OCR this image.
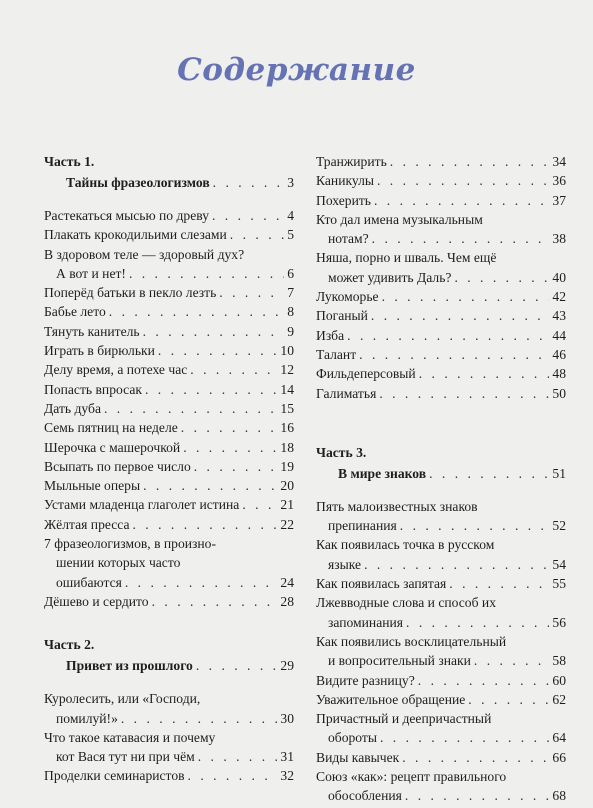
Содержание
Часть 1.
Тайны фразеологизмов . . .	3
Растекаться мысью по древу . . .	4
Плакать крокодильими слезами . . .	5
В здоровом теле — здоровый дух?
А вот и нет! . . .	6
Поперёд батьки в пекло лезть . . .	7
Бабье лето . . .	8
Тянуть канитель . . .	9
Играть в бирюльки . . .	10
Делу время, а потехе час . . .	12
Попасть впросак . . .	14
Дать дуба . . .	15
Семь пятниц на неделе . . .	16
Шерочка с машерочкой . . .	18
Всыпать по первое число . . .	19
Мыльные оперы . . .	20
Устами младенца глаголет истина . . .	21
Жёлтая пресса . . .	22
7 фразеологизмов, в произно-
шении которых часто
ошибаются . . .	24
Дёшево и сердито . . .	28
Часть 2.
Привет из прошлого . . .	29
Куролесить, или «Господи,
помилуй!» . . .	30
Что такое катавасия и почему
кот Вася тут ни при чём . . .	31
Проделки семинаристов . . .	32
Транжирить . . .	34
Каникулы . . .	36
Похерить . . .	37
Кто дал имена музыкальным
нотам? . . .	38
Няша, порно и шваль. Чем ещё
может удивить Даль? . . .	40
Лукоморье . . .	42
Поганый . . .	43
Изба . . .	44
Талант . . .	46
Фильдеперсовый . . .	48
Галиматья . . .	50
Часть 3.
В мире знаков . . .	51
Пять малоизвестных знаков
препинания . . .	52
Как появилась точка в русском
языке . . .	54
Как появилась запятая . . .	55
Лжевводные слова и способ их
запоминания . . .	56
Как появились восклицательный
и вопросительный знаки . . .	58
Видите разницу? . . .	60
Уважительное обращение . . .	62
Причастный и деепричастный
обороты . . .	64
Виды кавычек . . .	66
Союз «как»: рецепт правильного
обособления . . .	68
